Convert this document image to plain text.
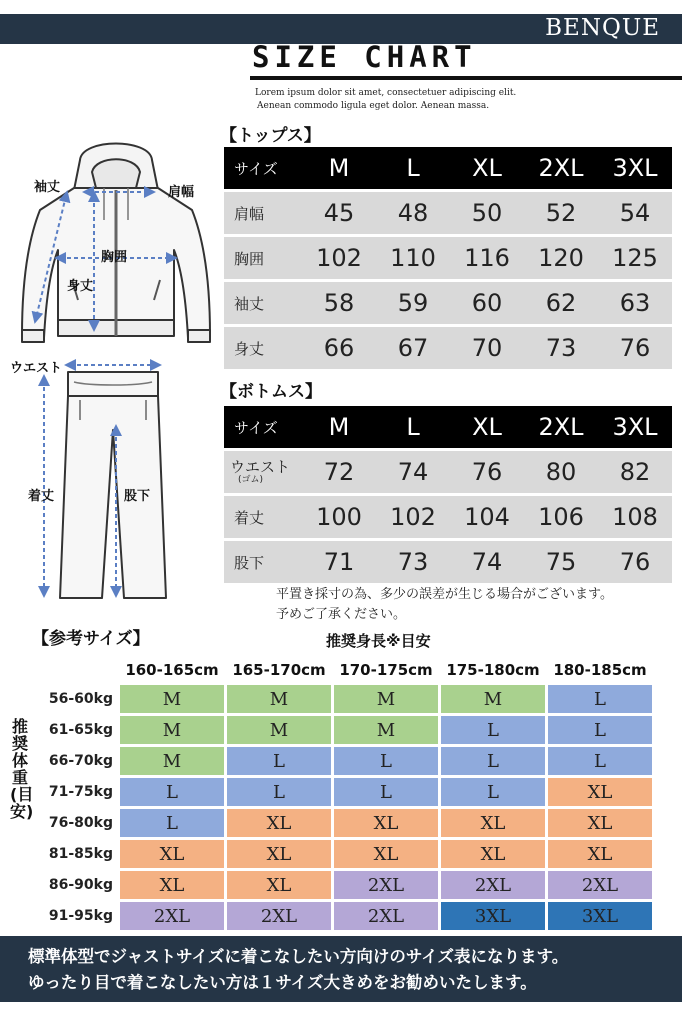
BENQUE
SIZE CHART
Lorem ipsum dolor sit amet, consectetuer adipiscing elit.
Aenean commodo ligula eget dolor. Aenean massa.
袖丈	肩幅
胸囲
身丈
ウエスト
着丈	股下
【トップス】
サイズ	M	L	XL	2XL	3XL
肩幅	45	48	50	52	54
胸囲	102	110	116	120	125
袖丈	58	59	60	62	63
身丈	66	67	70	73	76
【ボトムス】
サイズ	M	L	XL	2XL	3XL

ウエスト
(ゴム)	72	74	76	80	82
着丈	100	102	104	106	108
股下	71	73	74	75	76
平置き採寸の為、多少の誤差が生じる場合がございます。
予めご了承ください。
【参考サイズ】	推奨身長※目安
推奨体重(目安)
	160-165cm	165-170cm	170-175cm	175-180cm	180-185cm
56-60kg	M	M	M	M	L
61-65kg	M	M	M	L	L
66-70kg	M	L	L	L	L
71-75kg	L	L	L	L	XL
76-80kg	L	XL	XL	XL	XL
81-85kg	XL	XL	XL	XL	XL
86-90kg	XL	XL	2XL	2XL	2XL
91-95kg	2XL	2XL	2XL	3XL	3XL
標準体型でジャストサイズに着こなしたい方向けのサイズ表になります。
ゆったり目で着こなしたい方は１サイズ大きめをお勧めいたします。
